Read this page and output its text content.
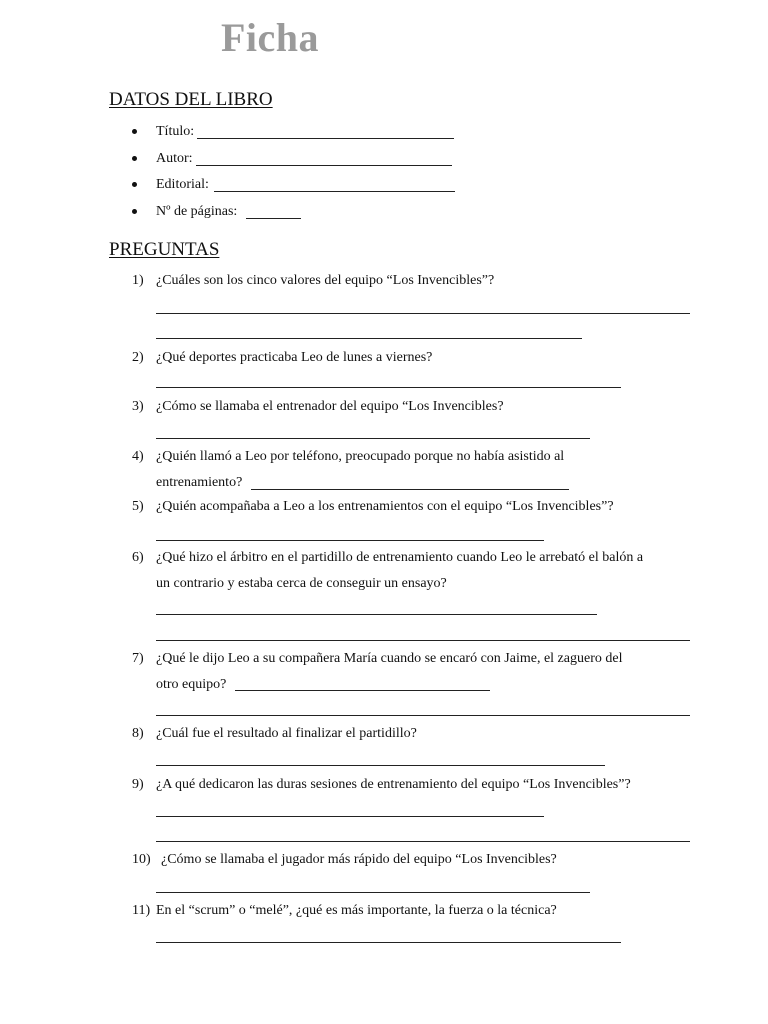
Ficha
DATOS DEL LIBRO
Título:
Autor:
Editorial:
Nº de páginas:
PREGUNTAS
1) ¿Cuáles son los cinco valores del equipo “Los Invencibles”?
2) ¿Qué deportes practicaba Leo de lunes a viernes?
3) ¿Cómo se llamaba el entrenador del equipo “Los Invencibles?
4) ¿Quién llamó a Leo por teléfono, preocupado porque no había asistido al
entrenamiento?
5) ¿Quién acompañaba a Leo a los entrenamientos con el equipo “Los Invencibles”?
6) ¿Qué hizo el árbitro en el partidillo de entrenamiento cuando Leo le arrebató el balón a
un contrario y estaba cerca de conseguir un ensayo?
7) ¿Qué le dijo Leo a su compañera María cuando se encaró con Jaime, el zaguero del
otro equipo?
8) ¿Cuál fue el resultado al finalizar el partidillo?
9) ¿A qué dedicaron las duras sesiones de entrenamiento del equipo “Los Invencibles”?
10) ¿Cómo se llamaba el jugador más rápido del equipo “Los Invencibles?
11) En el “scrum” o “melé”, ¿qué es más importante, la fuerza o la técnica?
